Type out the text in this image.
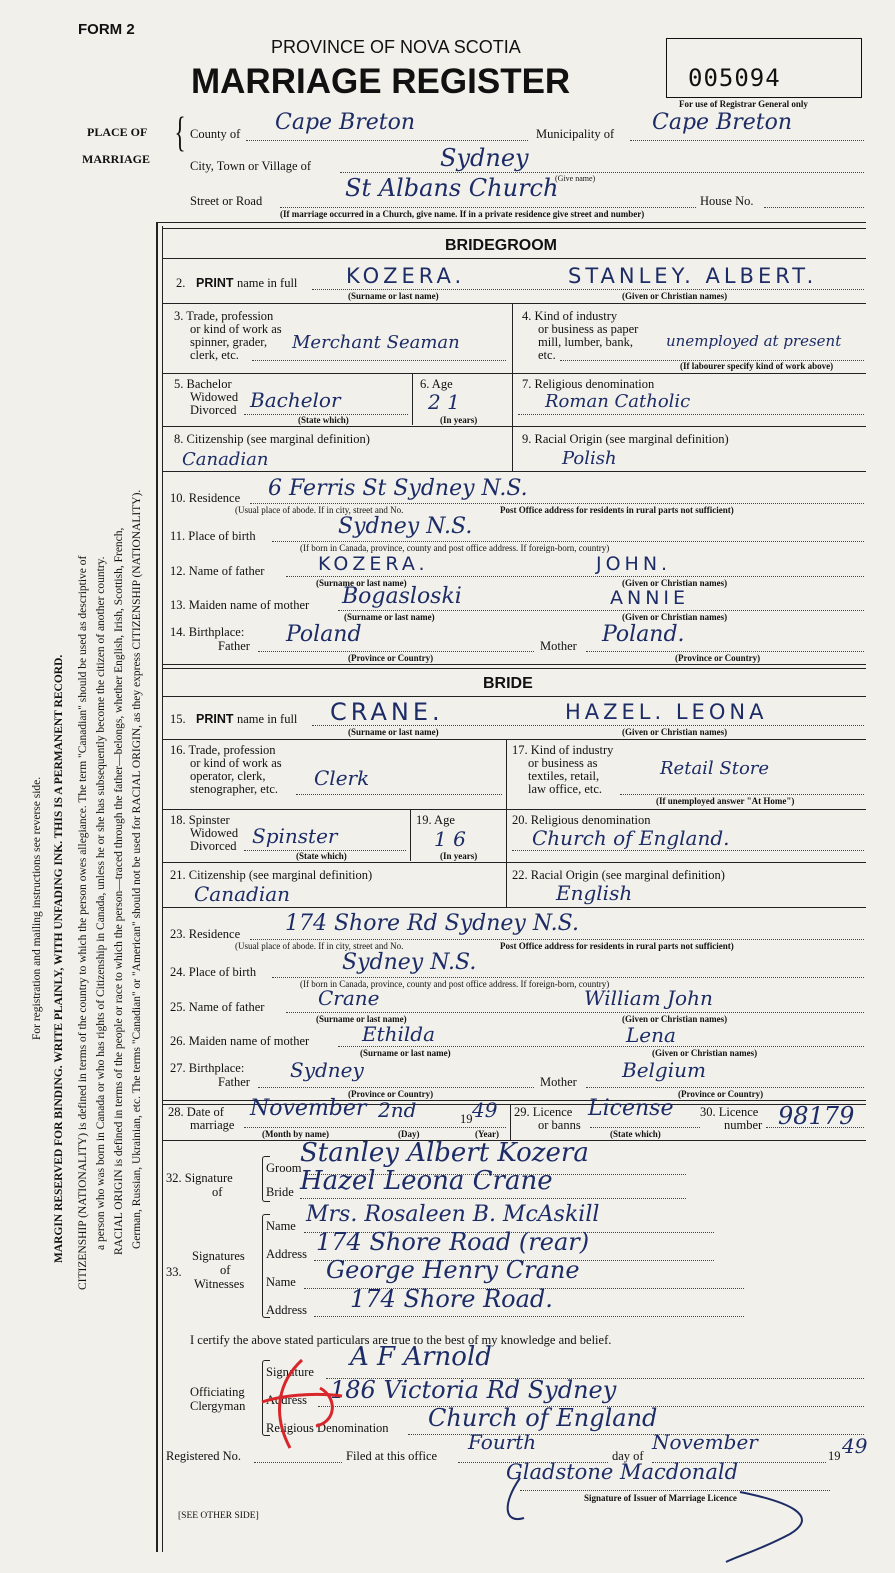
FORM 2
PROVINCE OF NOVA SCOTIA
MARRIAGE REGISTER	005094
For use of Registrar General only
PLACE OF
MARRIAGE
{ County of Cape Breton	Municipality of Cape Breton
City, Town or Village of	Sydney
(Give name)
Street or Road	St Albans Church	House No.
(If marriage occurred in a Church, give name. If in a private residence give street and number)
BRIDEGROOM
2. PRINT name in full KOZERA.	STANLEY. ALBERT.
(Surname or last name)	(Given or Christian names)
3. Trade, profession
or kind of work as
spinner, grader,
clerk, etc.
Merchant Seaman
4. Kind of industry
or business as paper
mill, lumber, bank,
etc.
unemployed at present
(If labourer specify kind of work above)
5. Bachelor
Widowed
Divorced Bachelor
(State which)
6. Age
2 1
(In years)
7. Religious denomination
Roman Catholic
8. Citizenship (see marginal definition)
Canadian
9. Racial Origin (see marginal definition)
Polish
10. Residence 6 Ferris St Sydney N.S.
(Usual place of abode. If in city, street and No.	Post Office address for residents in rural parts not sufficient)
11. Place of birth	Sydney N.S.
(If born in Canada, province, county and post office address. If foreign-born, country)
12. Name of father	KOZERA.	JOHN.
(Surname or last name)	(Given or Christian names)
13. Maiden name of mother Bogasloski	ANNIE
(Surname or last name)	(Given or Christian names)
14. Birthplace:
Father Poland
(Province or Country)
Mother Poland.
(Province or Country)
BRIDE
15. PRINT name in full CRANE.	HAZEL. LEONA
(Surname or last name)	(Given or Christian names)
16. Trade, profession
or kind of work as
operator, clerk,
stenographer, etc. Clerk
17. Kind of industry
or business as
textiles, retail,
law office, etc.
Retail Store
(If unemployed answer "At Home")
18. Spinster
Widowed
Divorced Spinster
(State which)
19. Age
1 6
(In years)
20. Religious denomination
Church of England.
21. Citizenship (see marginal definition)
Canadian
22. Racial Origin (see marginal definition)
English
23. Residence 174 Shore Rd Sydney N.S.
(Usual place of abode. If in city, street and No.	Post Office address for residents in rural parts not sufficient)
24. Place of birth	Sydney N.S.
(If born in Canada, province, county and post office address. If foreign-born, country)
25. Name of father	Crane	William John
(Surname or last name)	(Given or Christian names)
26. Maiden name of mother	Ethilda	Lena
(Surname or last name)	(Given or Christian names)
27. Birthplace:
Father Sydney
(Province or Country)
Mother Belgium
(Province or Country)
28. Date of
marriage
November 2nd	19 49
(Month by name)	(Day)	(Year)
29. Licence
or banns
License
(State which)
30. Licence
number 98179
32. Signature
of
Groom
Stanley Albert Kozera
Bride Hazel Leona Crane
33.
Signatures
of
Witnesses
Name Mrs. Rosaleen B. McAskill
Address 174 Shore Road (rear)
Name George Henry Crane
Address 174 Shore Road.
I certify the above stated particulars are true to the best of my knowledge and belief.
Officiating
Clergyman
Signature A F Arnold
Address 186 Victoria Rd Sydney
Religious Denomination Church of England
Registered No.	Filed at this office
Fourth
day of
November
19 49
Gladstone Macdonald
Signature of Issuer of Marriage Licence
[SEE OTHER SIDE]
For registration and mailing instructions see reverse side. MARGIN RESERVED FOR BINDING. WRITE PLAINLY, WITH UNFADING INK. THIS IS A PERMANENT RECORD. CITIZENSHIP (NATIONALITY) is defined in terms of the country to which the person owes allegiance. The term "Canadian" should be used as descriptive of a person who was born in Canada or who has rights of Citizenship in Canada, unless he or she has subsequently become the citizen of another country. RACIAL ORIGIN is defined in terms of the people or race to which the person—traced through the father—belongs, whether English, Irish, Scottish, French, German, Russian, Ukrainian, etc. The terms "Canadian" or "American" should not be used for RACIAL ORIGIN, as they express CITIZENSHIP (NATIONALITY).
